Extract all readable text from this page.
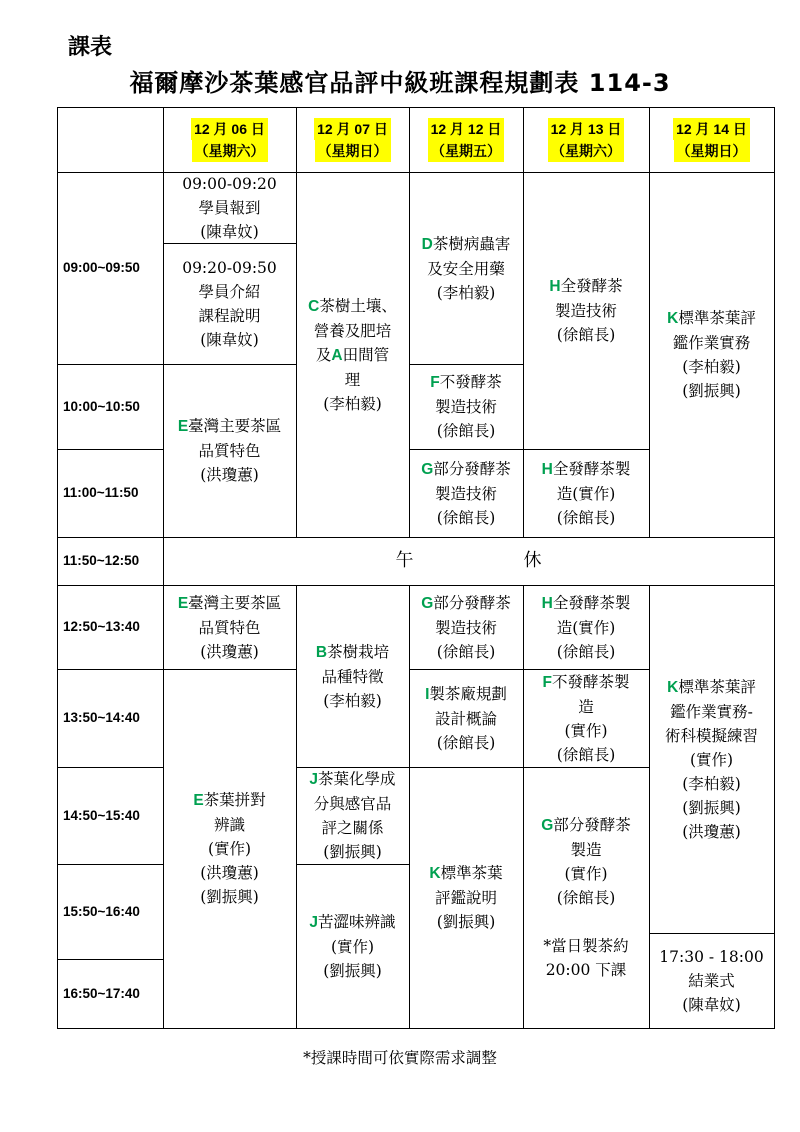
課表
福爾摩沙茶葉感官品評中級班課程規劃表 114-3
12 月 06 日
（星期六）
12 月 07 日
（星期日）
12 月 12 日
（星期五）
12 月 13 日
（星期六）
12 月 14 日
（星期日）
09:00~09:50
10:00~10:50
11:00~11:50
11:50~12:50
12:50~13:40
13:50~14:40
14:50~15:40
15:50~16:40
16:50~17:40
午	休
09:00-09:20
學員報到
(陳韋妏)
09:20-09:50
學員介紹
課程說明
(陳韋妏)
E臺灣主要茶區
品質特色
(洪瓊蕙)
E臺灣主要茶區
品質特色
(洪瓊蕙)
E茶葉拼對
辨識
(實作)
(洪瓊蕙)
(劉振興)
C茶樹土壤、
營養及肥培
及A田間管
理
(李柏毅)
B茶樹栽培
品種特徵
(李柏毅)
J茶葉化學成
分與感官品
評之關係
(劉振興)
J苦澀味辨識
(實作)
(劉振興)
D茶樹病蟲害
及安全用藥
(李柏毅)
F不發酵茶
製造技術
(徐館長)
G部分發酵茶
製造技術
(徐館長)
G部分發酵茶
製造技術
(徐館長)
I製茶廠規劃
設計概論
(徐館長)
K標準茶葉
評鑑說明
(劉振興)
H全發酵茶
製造技術
(徐館長)
H全發酵茶製
造(實作)
(徐館長)
H全發酵茶製
造(實作)
(徐館長)
F不發酵茶製
造
(實作)
(徐館長)
G部分發酵茶
製造
(實作)
(徐館長)

*當日製茶約
20:00 下課
K標準茶葉評
鑑作業實務
(李柏毅)
(劉振興)
K標準茶葉評
鑑作業實務-
術科模擬練習
(實作)
(李柏毅)
(劉振興)
(洪瓊蕙)
17:30 - 18:00
結業式
(陳韋妏)
*授課時間可依實際需求調整
